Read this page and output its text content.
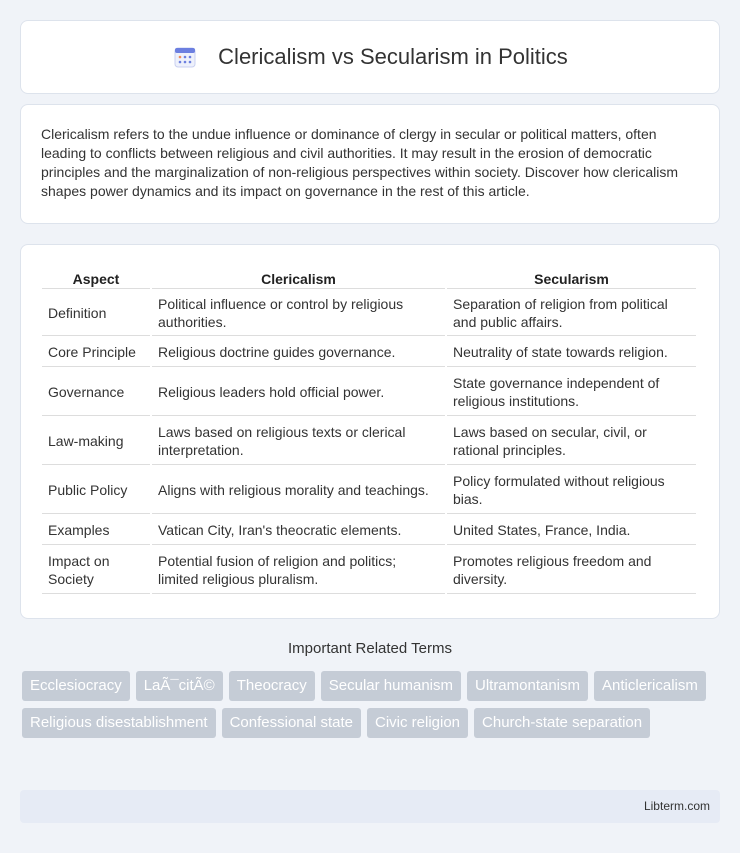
Clericalism vs Secularism in Politics

Clericalism refers to the undue influence or dominance of clergy in secular or political matters, often leading to conflicts between religious and civil authorities. It may result in the erosion of democratic principles and the marginalization of non-religious perspectives within society. Discover how clericalism shapes power dynamics and its impact on governance in the rest of this article.

Aspect	Clericalism	Secularism
Definition	Political influence or control by religious authorities.	Separation of religion from political and public affairs.
Core Principle	Religious doctrine guides governance.	Neutrality of state towards religion.
Governance	Religious leaders hold official power.	State governance independent of religious institutions.
Law-making	Laws based on religious texts or clerical interpretation.	Laws based on secular, civil, or rational principles.
Public Policy	Aligns with religious morality and teachings.	Policy formulated without religious bias.
Examples	Vatican City, Iran's theocratic elements.	United States, France, India.
Impact on Society	Potential fusion of religion and politics; limited religious pluralism.	Promotes religious freedom and diversity.
Important Related Terms
Ecclesiocracy	LaÃ¯citÃ©	Theocracy	Secular humanism	Ultramontanism	Anticlericalism
Religious disestablishment	Confessional state	Civic religion	Church-state separation
Libterm.com
